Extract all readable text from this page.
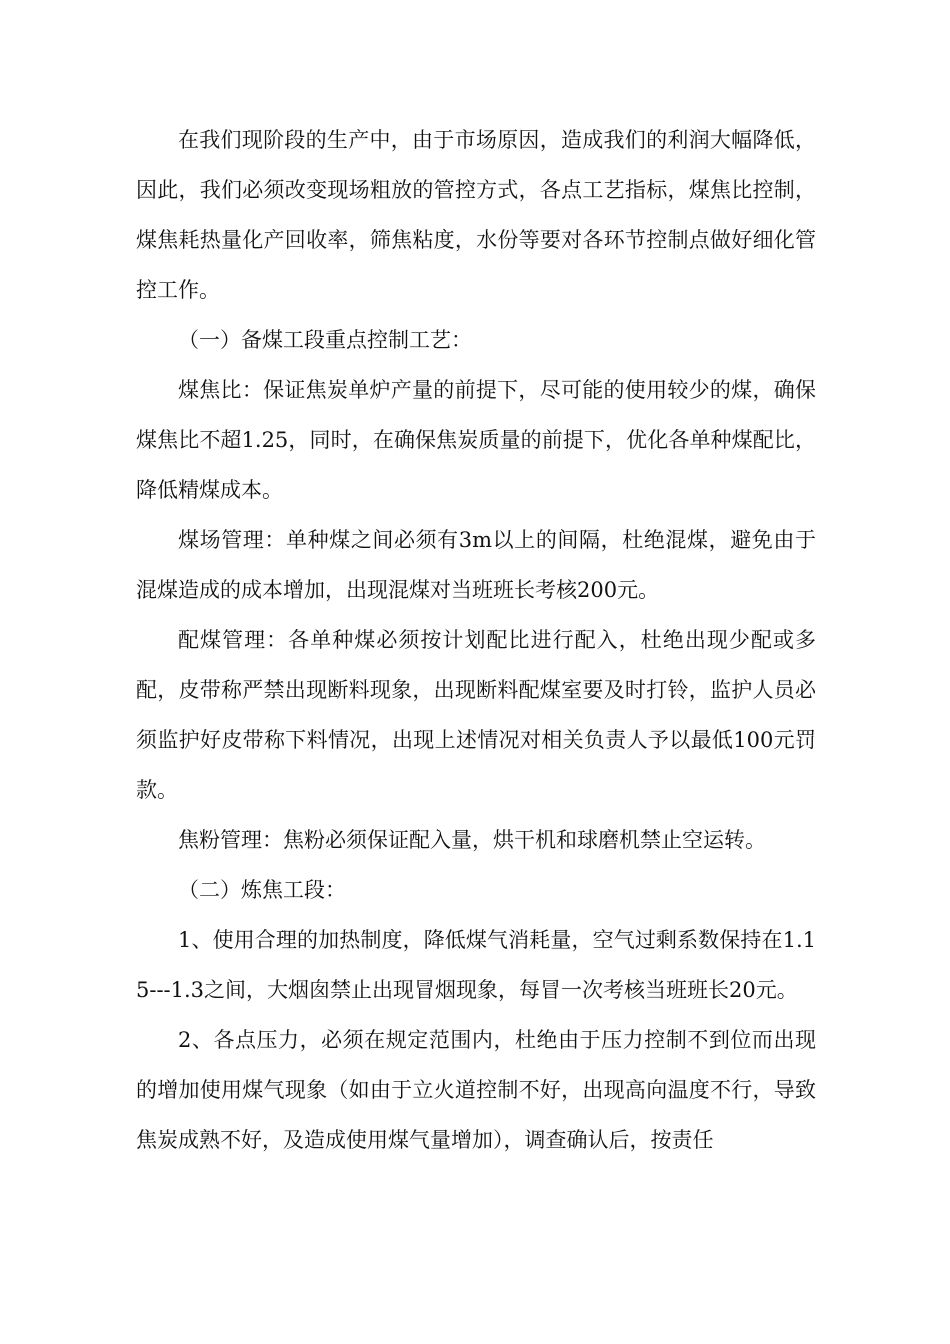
在我们现阶段的生产中，由于市场原因，造成我们的利润大幅降低，因此，我们必须改变现场粗放的管控方式，各点工艺指标，煤焦比控制，煤焦耗热量化产回收率，筛焦粘度，水份等要对各环节控制点做好细化管控工作。

（一）备煤工段重点控制工艺：

煤焦比：保证焦炭单炉产量的前提下，尽可能的使用较少的煤，确保煤焦比不超1.25，同时，在确保焦炭质量的前提下，优化各单种煤配比，降低精煤成本。

煤场管理：单种煤之间必须有3m以上的间隔，杜绝混煤，避免由于混煤造成的成本增加，出现混煤对当班班长考核200元。

配煤管理：各单种煤必须按计划配比进行配入，杜绝出现少配或多配，皮带称严禁出现断料现象，出现断料配煤室要及时打铃，监护人员必须监护好皮带称下料情况，出现上述情况对相关负责人予以最低100元罚款。

焦粉管理：焦粉必须保证配入量，烘干机和球磨机禁止空运转。

（二）炼焦工段：

1、使用合理的加热制度，降低煤气消耗量，空气过剩系数保持在1.15---1.3之间，大烟囱禁止出现冒烟现象，每冒一次考核当班班长20元。

2、各点压力，必须在规定范围内，杜绝由于压力控制不到位而出现的增加使用煤气现象（如由于立火道控制不好，出现高向温度不行，导致焦炭成熟不好，及造成使用煤气量增加），调查确认后，按责任
